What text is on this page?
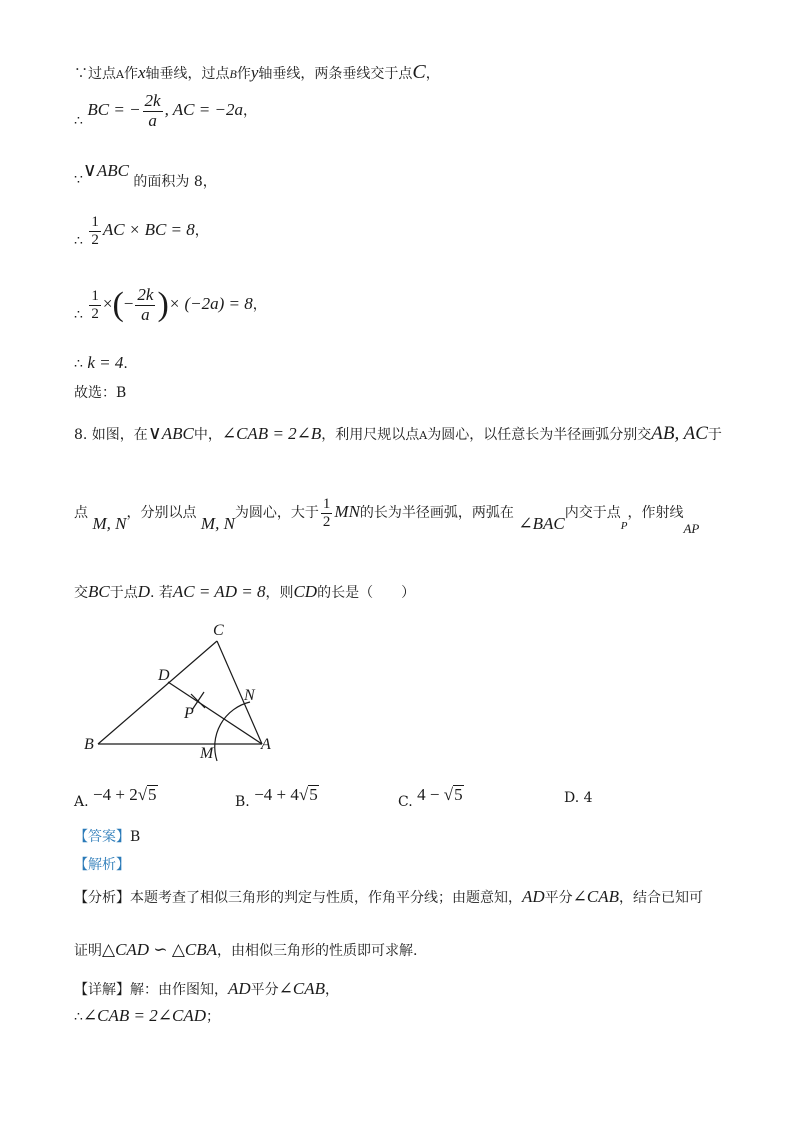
∵过点A作x轴垂线，过点B作y轴垂线，两条垂线交于点C，
∴ BC = − $\frac{2k}{a}$ , AC = −2a，
∵∨ABC 的面积为 8，
∴ $\frac{1}{2}$ AC × BC = 8，
∴ $\frac{1}{2}$ ×(− $\frac{2k}{a}$ )× (−2a) = 8，
∴ k = 4.
故选：B
8. 如图，在∨ABC中，∠CAB = 2∠B，利用尺规以点A为圆心，以任意长为半径画弧分别交AB, AC于
点 M, N，分别以点 M, N为圆心，大于 $\frac{1}{2}$ MN的长为半径画弧，两弧在 ∠BAC内交于点$_P$，作射线AP
交BC于点D. 若AC = AD = 8，则CD的长是（　　）
C
D
N
P
B
M
A
A. −4 + 2√5	B. −4 + 4√5	C. 4 − √5	D. 4
【答案】B
【解析】
【分析】本题考查了相似三角形的判定与性质，作角平分线；由题意知，AD平分∠CAB，结合已知可
证明△CAD ∽ △CBA，由相似三角形的性质即可求解.
【详解】解：由作图知，AD平分∠CAB，
∴∠CAB = 2∠CAD；
